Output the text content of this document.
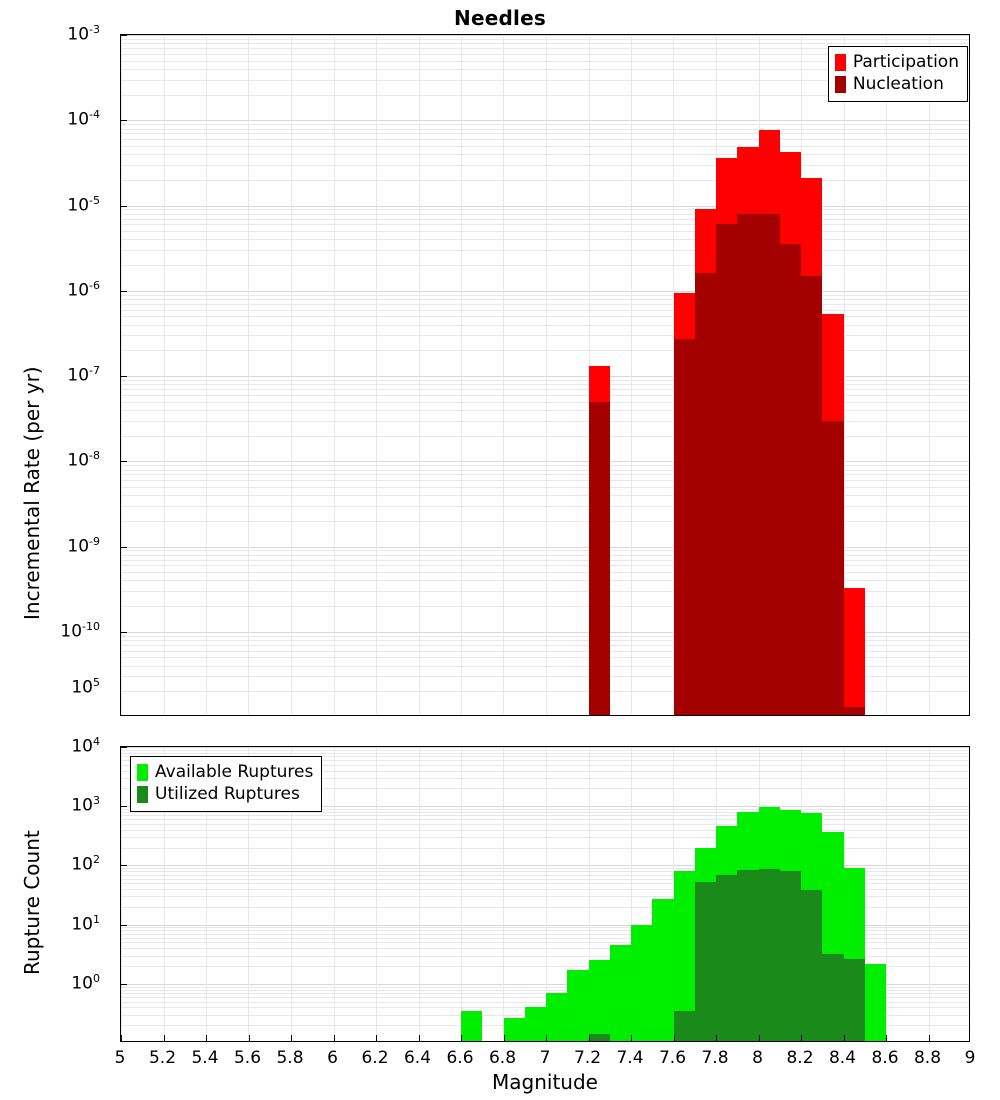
Needles
$10^{-10}$
$10^{-9}$
$10^{-8}$
$10^{-7}$
$10^{-6}$
$10^{-5}$
$10^{-4}$
$10^{-3}$
Participation
Nucleation
Incremental Rate (per yr)
$10^0$
$10^1$
$10^2$
$10^3$
$10^4$
$10^5$
Available Ruptures
Utilized Ruptures
Rupture Count
5 5.2 5.4 5.6 5.8 6 6.2 6.4 6.6 6.8 7 7.2 7.4 7.6 7.8 8 8.2 8.4 8.6 8.8 9
Magnitude
